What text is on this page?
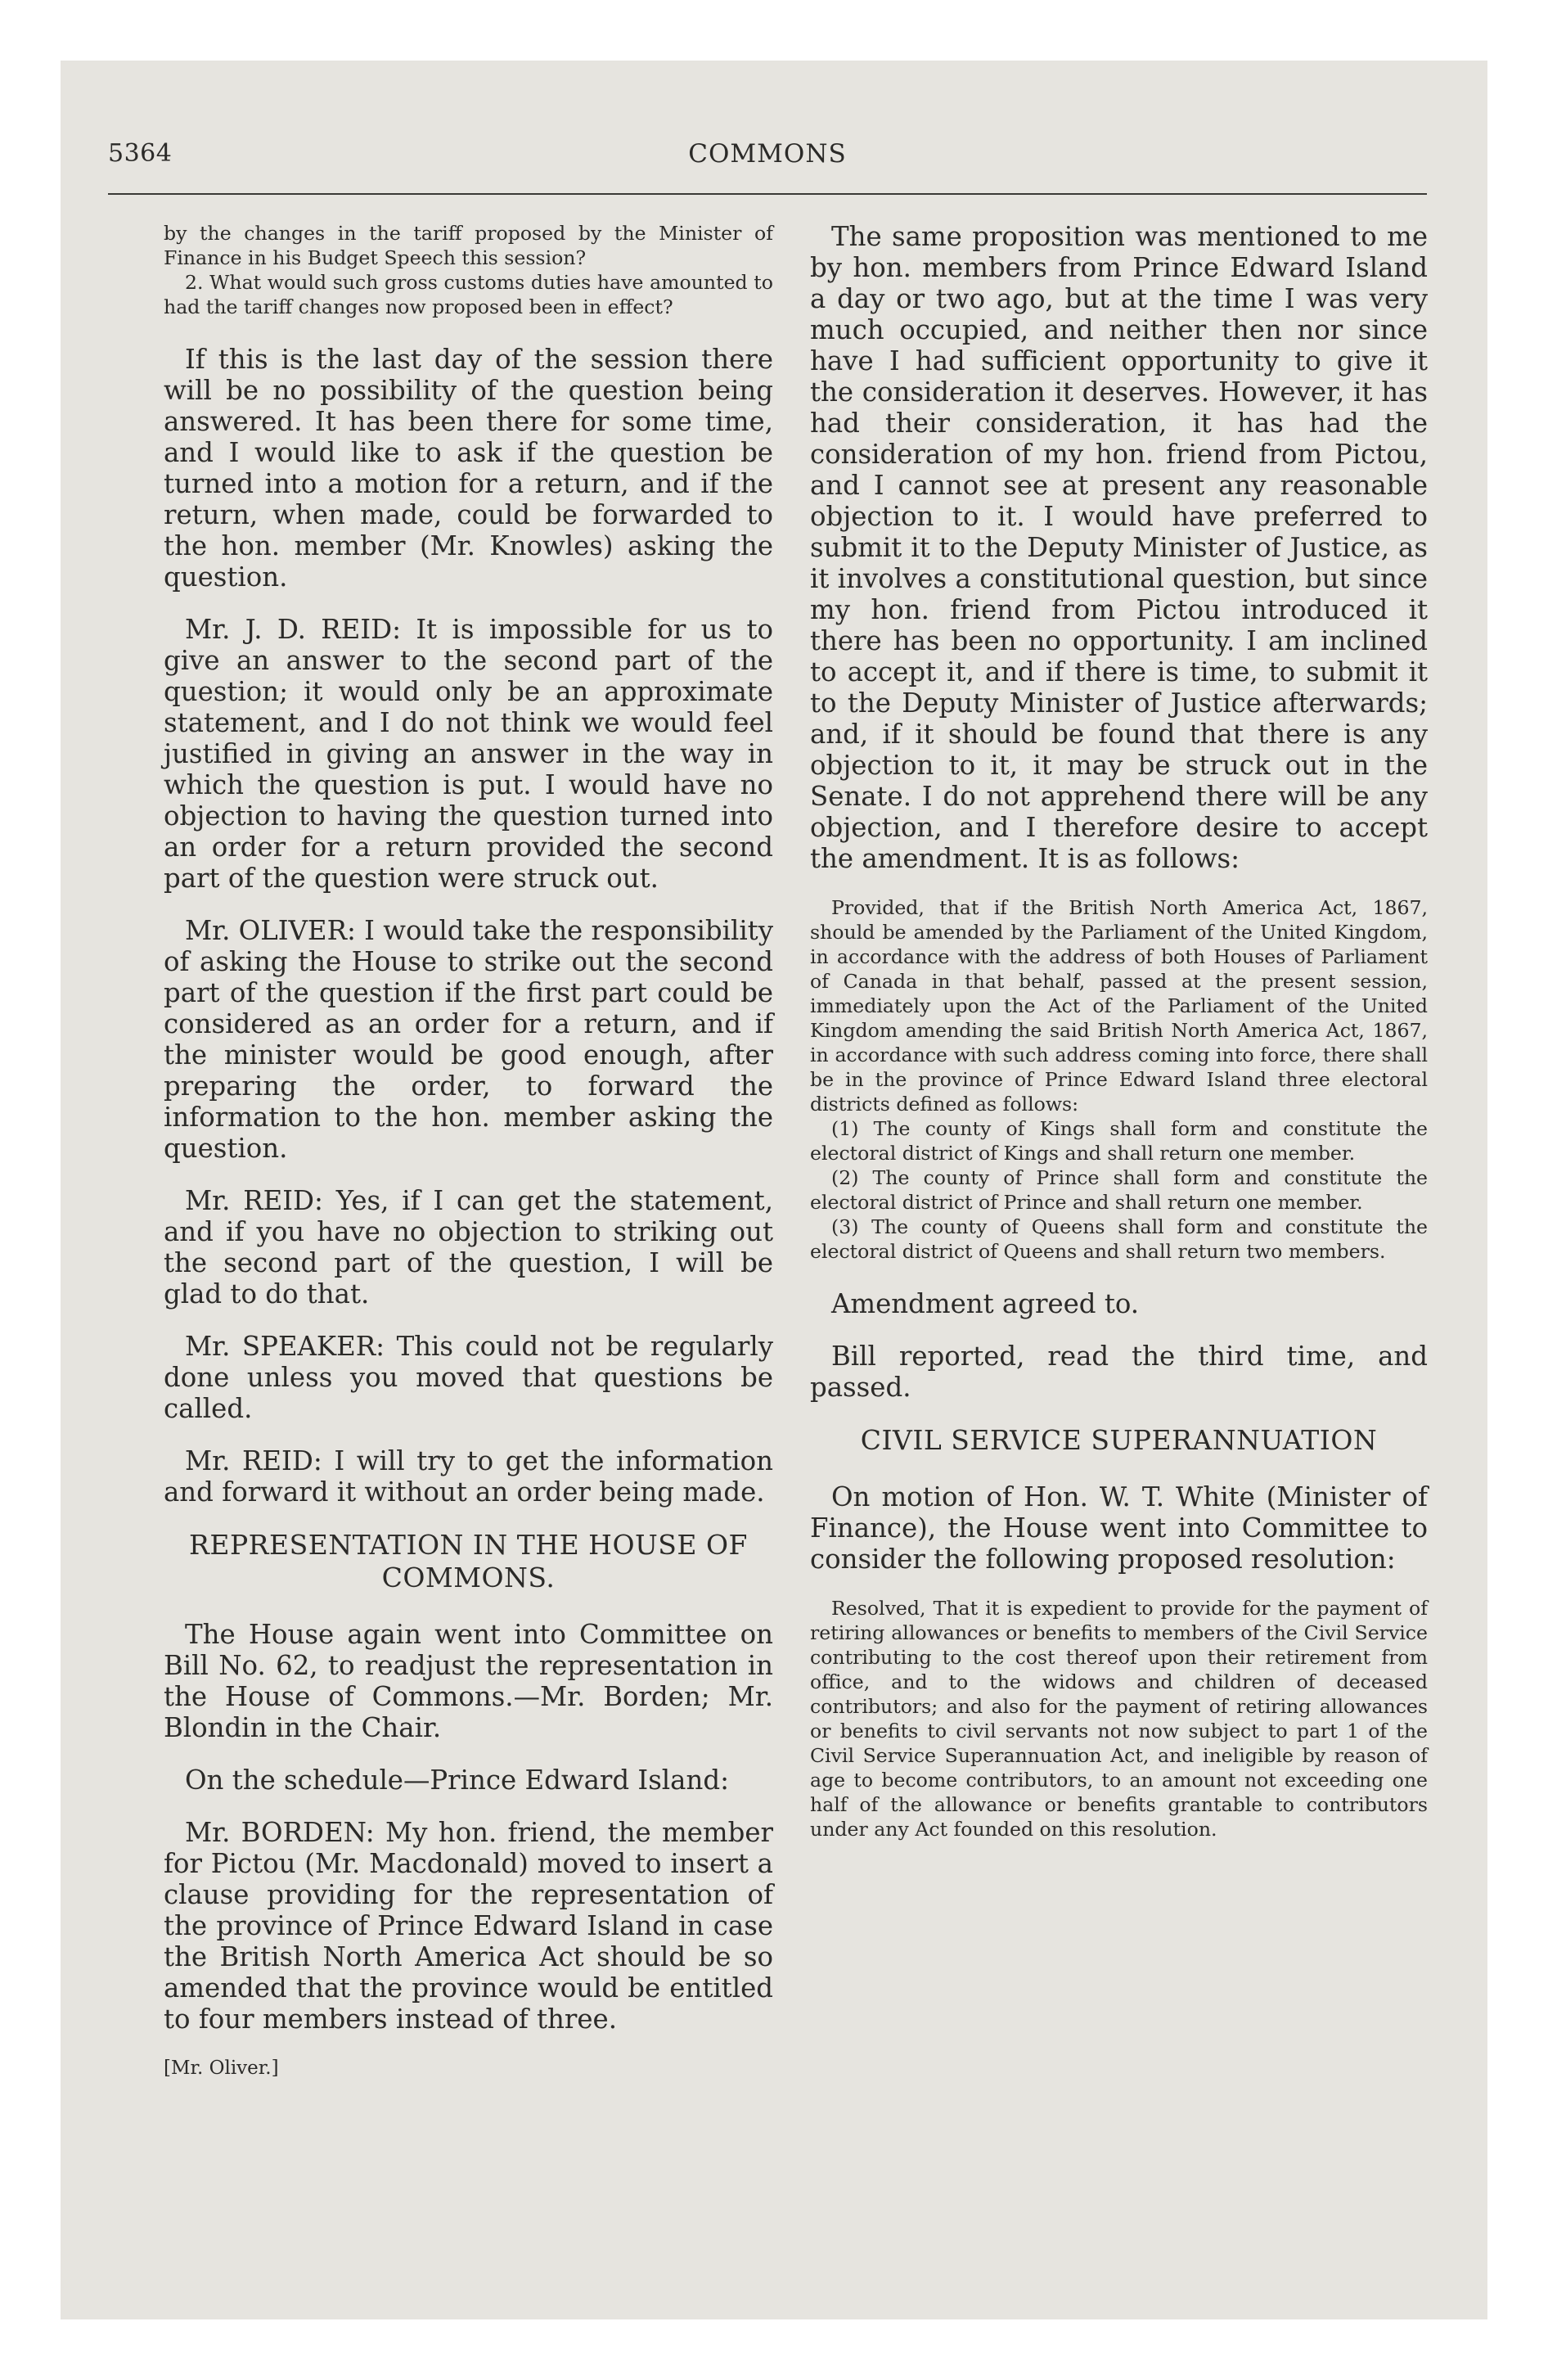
5364	COMMONS

by the changes in the tariff proposed by the Minister of Finance in his Budget Speech this session?

2. What would such gross customs duties have amounted to had the tariff changes now proposed been in effect?

If this is the last day of the session there will be no possibility of the question being answered. It has been there for some time, and I would like to ask if the question be turned into a motion for a return, and if the return, when made, could be forwarded to the hon. member (Mr. Knowles) asking the question.

Mr. J. D. REID: It is impossible for us to give an answer to the second part of the question; it would only be an approximate statement, and I do not think we would feel justified in giving an answer in the way in which the question is put. I would have no objection to having the question turned into an order for a return provided the second part of the question were struck out.

Mr. OLIVER: I would take the responsibility of asking the House to strike out the second part of the question if the first part could be considered as an order for a return, and if the minister would be good enough, after preparing the order, to forward the information to the hon. member asking the question.

Mr. REID: Yes, if I can get the statement, and if you have no objection to striking out the second part of the question, I will be glad to do that.

Mr. SPEAKER: This could not be regularly done unless you moved that questions be called.

Mr. REID: I will try to get the information and forward it without an order being made.

REPRESENTATION IN THE HOUSE OF COMMONS.

The House again went into Committee on Bill No. 62, to readjust the representation in the House of Commons.—Mr. Borden; Mr. Blondin in the Chair.

On the schedule—Prince Edward Island:

Mr. BORDEN: My hon. friend, the member for Pictou (Mr. Macdonald) moved to insert a clause providing for the representation of the province of Prince Edward Island in case the British North America Act should be so amended that the province would be entitled to four members instead of three.

[Mr. Oliver.]

The same proposition was mentioned to me by hon. members from Prince Edward Island a day or two ago, but at the time I was very much occupied, and neither then nor since have I had sufficient opportunity to give it the consideration it deserves. However, it has had their consideration, it has had the consideration of my hon. friend from Pictou, and I cannot see at present any reasonable objection to it. I would have preferred to submit it to the Deputy Minister of Justice, as it involves a constitutional question, but since my hon. friend from Pictou introduced it there has been no opportunity. I am inclined to accept it, and if there is time, to submit it to the Deputy Minister of Justice afterwards; and, if it should be found that there is any objection to it, it may be struck out in the Senate. I do not apprehend there will be any objection, and I therefore desire to accept the amendment. It is as follows:

Provided, that if the British North America Act, 1867, should be amended by the Parliament of the United Kingdom, in accordance with the address of both Houses of Parliament of Canada in that behalf, passed at the present session, immediately upon the Act of the Parliament of the United Kingdom amending the said British North America Act, 1867, in accordance with such address coming into force, there shall be in the province of Prince Edward Island three electoral districts defined as follows:

(1) The county of Kings shall form and constitute the electoral district of Kings and shall return one member.

(2) The county of Prince shall form and constitute the electoral district of Prince and shall return one member.

(3) The county of Queens shall form and constitute the electoral district of Queens and shall return two members.

Amendment agreed to.

Bill reported, read the third time, and passed.

CIVIL SERVICE SUPERANNUATION

On motion of Hon. W. T. White (Minister of Finance), the House went into Committee to consider the following proposed resolution:

Resolved, That it is expedient to provide for the payment of retiring allowances or benefits to members of the Civil Service contributing to the cost thereof upon their retirement from office, and to the widows and children of deceased contributors; and also for the payment of retiring allowances or benefits to civil servants not now subject to part 1 of the Civil Service Superannuation Act, and ineligible by reason of age to become contributors, to an amount not exceeding one half of the allowance or benefits grantable to contributors under any Act founded on this resolution.
